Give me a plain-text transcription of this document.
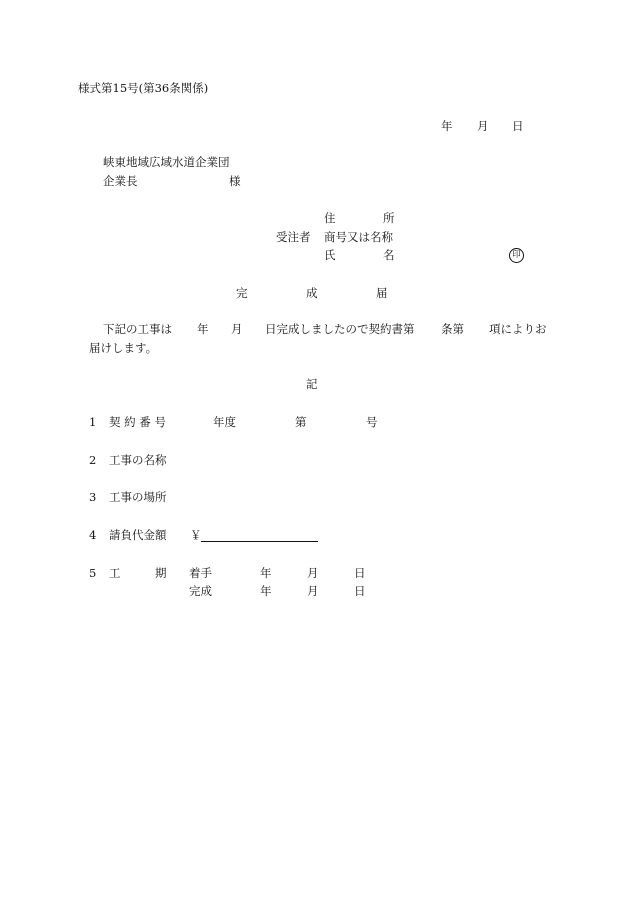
様式第15号(第36条関係)
年 月 日
峡東地域広域水道企業団
企業長	様
住	所
受注者 商号又は名称
氏	名	印
完	成	届
下記の工事は 年 月 日完成しましたので契約書第 条第 項によりお
届けします。
記
1 契 約 番 号	年度	第	号
2 工事の名称
3 工事の場所
4 請負代金額 ￥
5 工	期 着手	年	月	日
完成	年	月	日
